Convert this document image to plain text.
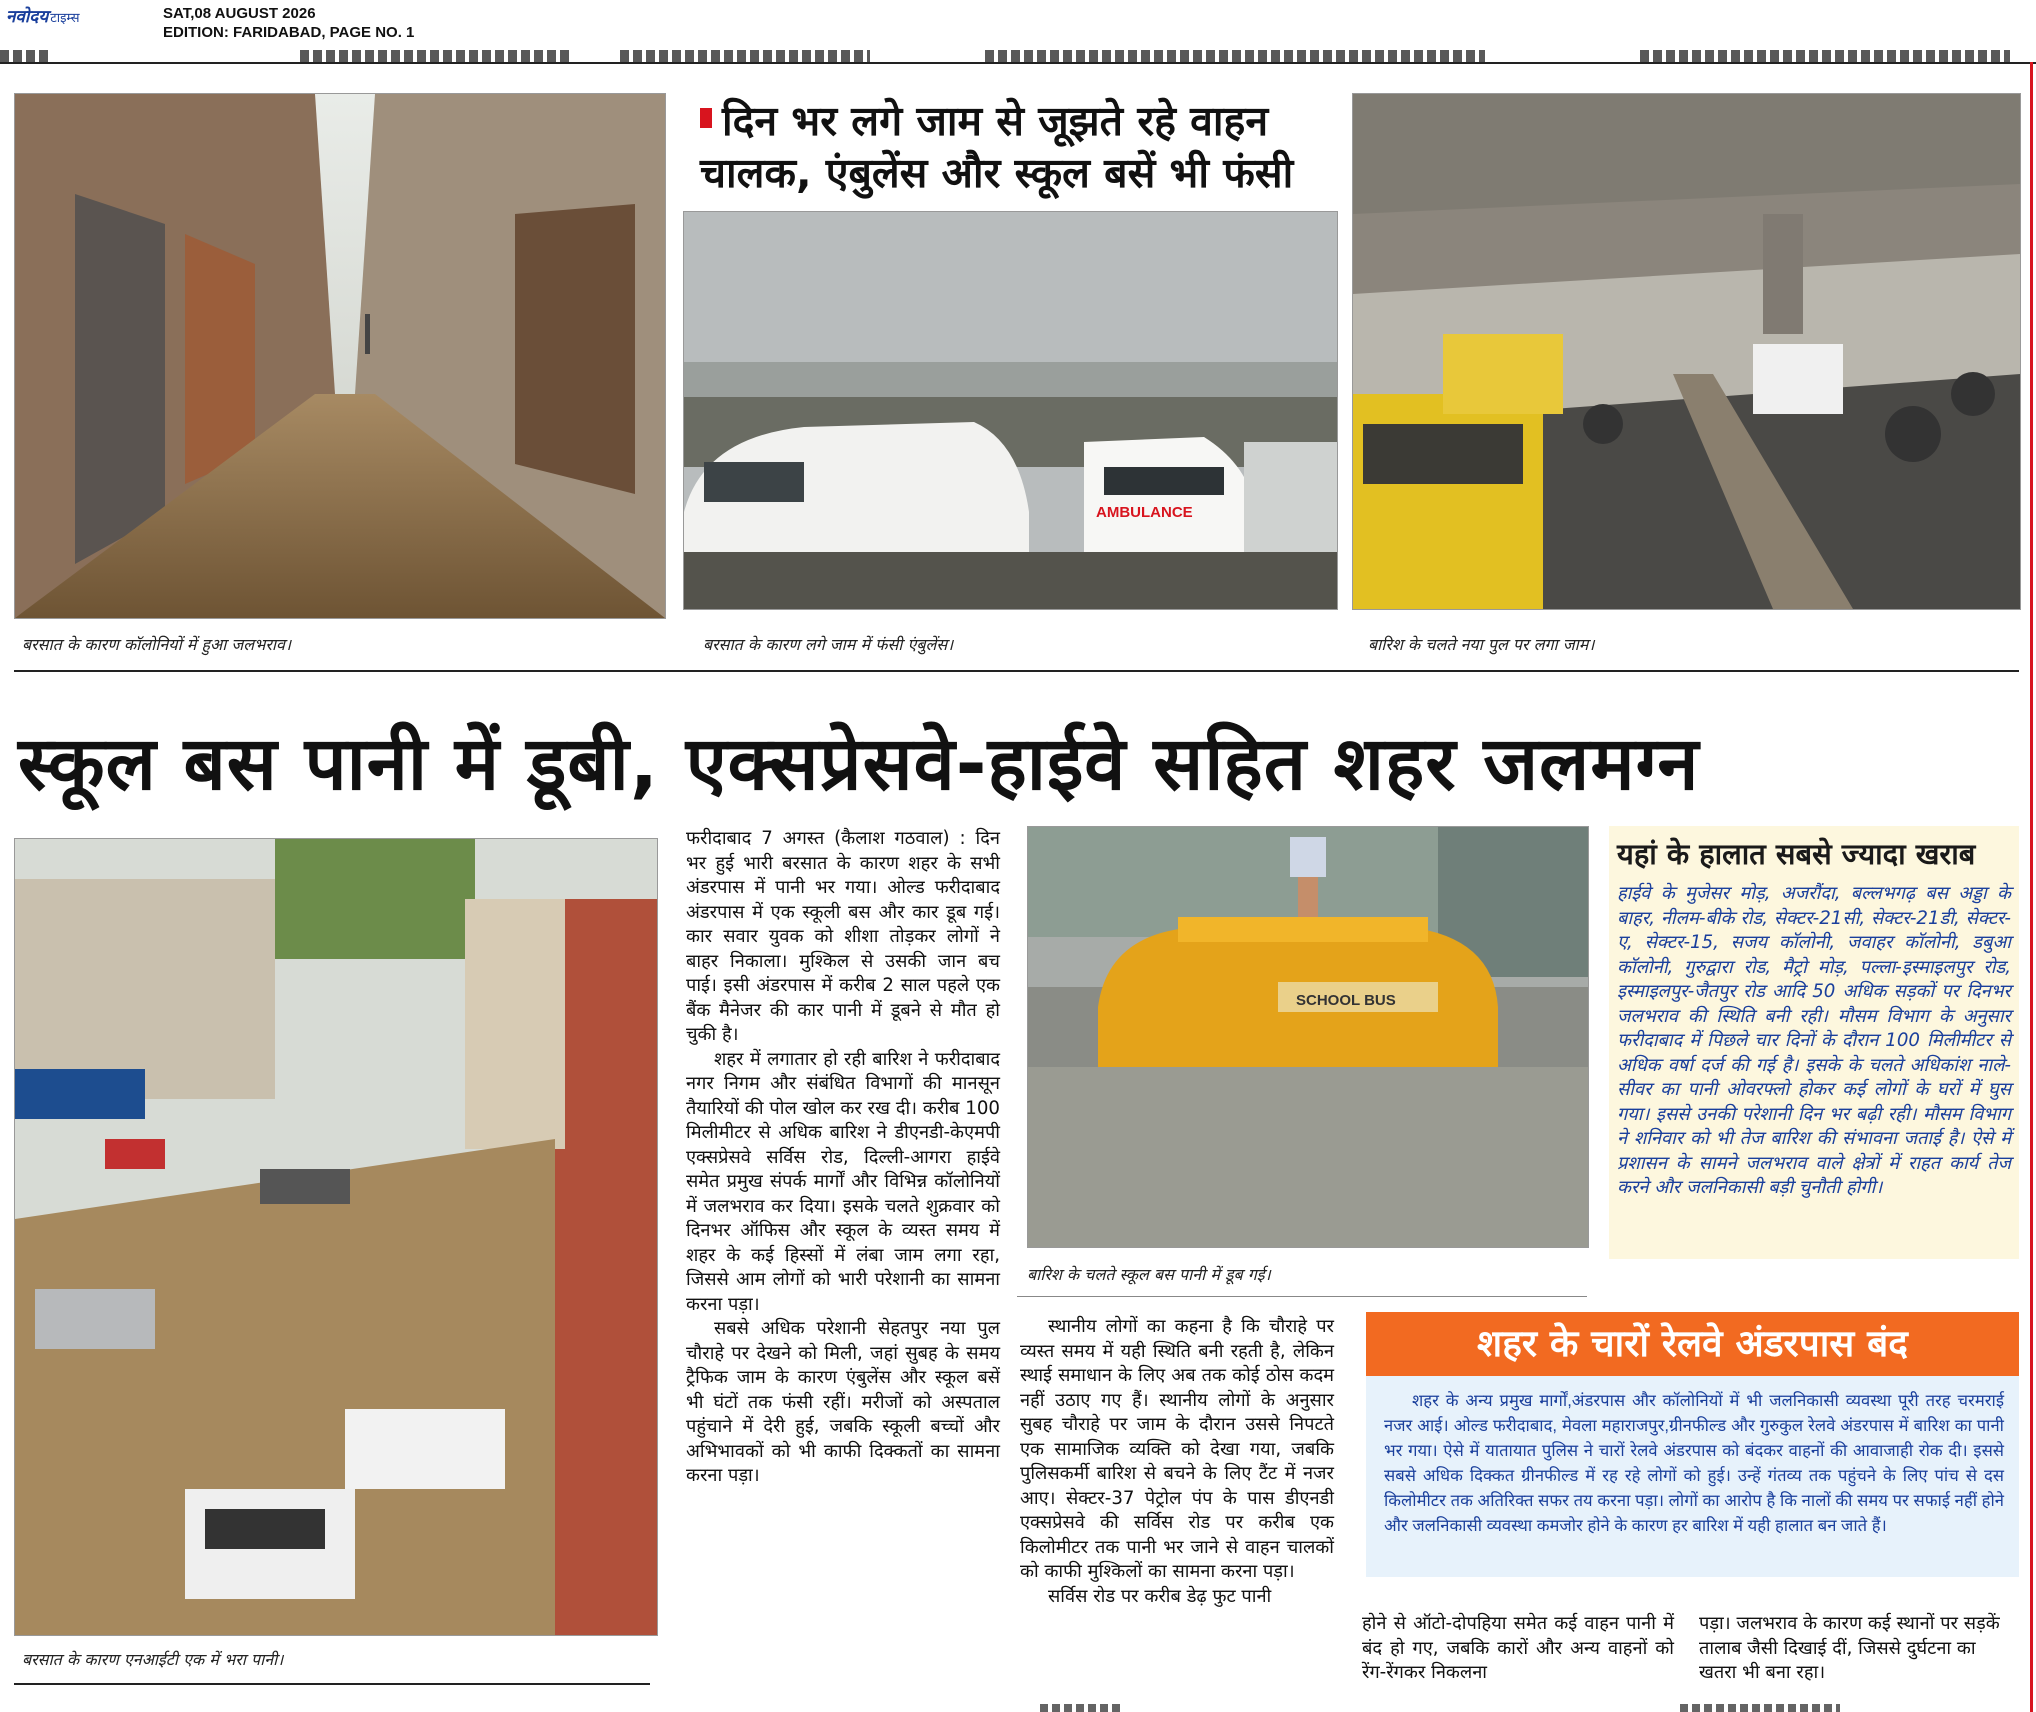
नवोदय टाइम्स	SAT,08 AUGUST 2026
EDITION: FARIDABAD, PAGE NO. 1
बरसात के कारण कॉलोनियों में हुआ जलभराव।
दिन भर लगे जाम से जूझते रहे वाहन चालक, एंबुलेंस और स्कूल बसें भी फंसी
AMBULANCE
बरसात के कारण लगे जाम में फंसी एंबुलेंस।	बारिश के चलते नया पुल पर लगा जाम।
स्कूल बस पानी में डूबी, एक्सप्रेसवे-हाईवे सहित शहर जलमग्न
बरसात के कारण एनआईटी एक में भरा पानी।

फरीदाबाद 7 अगस्त (कैलाश गठवाल) : दिन भर हुई भारी बरसात के कारण शहर के सभी अंडरपास में पानी भर गया। ओल्ड फरीदाबाद अंडरपास में एक स्कूली बस और कार डूब गई। कार सवार युवक को शीशा तोड़कर लोगों ने बाहर निकाला। मुश्किल से उसकी जान बच पाई। इसी अंडरपास में करीब 2 साल पहले एक बैंक मैनेजर की कार पानी में डूबने से मौत हो चुकी है।

शहर में लगातार हो रही बारिश ने फरीदाबाद नगर निगम और संबंधित विभागों की मानसून तैयारियों की पोल खोल कर रख दी। करीब 100 मिलीमीटर से अधिक बारिश ने डीएनडी-केएमपी एक्सप्रेसवे सर्विस रोड, दिल्ली-आगरा हाईवे समेत प्रमुख संपर्क मार्गों और विभिन्न कॉलोनियों में जलभराव कर दिया। इसके चलते शुक्रवार को दिनभर ऑफिस और स्कूल के व्यस्त समय में शहर के कई हिस्सों में लंबा जाम लगा रहा, जिससे आम लोगों को भारी परेशानी का सामना करना पड़ा।

सबसे अधिक परेशानी सेहतपुर नया पुल चौराहे पर देखने को मिली, जहां सुबह के समय ट्रैफिक जाम के कारण एंबुलेंस और स्कूल बसें भी घंटों तक फंसी रहीं। मरीजों को अस्पताल पहुंचाने में देरी हुई, जबकि स्कूली बच्चों और अभिभावकों को भी काफी दिक्कतों का सामना करना पड़ा।

SCHOOL BUS
बारिश के चलते स्कूल बस पानी में डूब गई।

स्थानीय लोगों का कहना है कि चौराहे पर व्यस्त समय में यही स्थिति बनी रहती है, लेकिन स्थाई समाधान के लिए अब तक कोई ठोस कदम नहीं उठाए गए हैं। स्थानीय लोगों के अनुसार सुबह चौराहे पर जाम के दौरान उससे निपटते एक सामाजिक व्यक्ति को देखा गया, जबकि पुलिसकर्मी बारिश से बचने के लिए टैंट में नजर आए। सेक्टर-37 पेट्रोल पंप के पास डीएनडी एक्सप्रेसवे की सर्विस रोड पर करीब एक किलोमीटर तक पानी भर जाने से वाहन चालकों को काफी मुश्किलों का सामना करना पड़ा।

सर्विस रोड पर करीब डेढ़ फुट पानी

यहां के हालात सबसे ज्यादा खराब
हाईवे के मुजेसर मोड़, अजरौंदा, बल्लभगढ़ बस अड्डा के बाहर, नीलम-बीके रोड, सेक्टर-21सी, सेक्टर-21डी, सेक्टर-ए, सेक्टर-15, सजय कॉलोनी, जवाहर कॉलोनी, डबुआ कॉलोनी, गुरुद्वारा रोड, मैट्रो मोड़, पल्ला-इस्माइलपुर रोड, इस्माइलपुर-जैतपुर रोड आदि 50 अधिक सड़कों पर दिनभर जलभराव की स्थिति बनी रही। मौसम विभाग के अनुसार फरीदाबाद में पिछले चार दिनों के दौरान 100 मिलीमीटर से अधिक वर्षा दर्ज की गई है। इसके के चलते अधिकांश नाले-सीवर का पानी ओवरफ्लो होकर कई लोगों के घरों में घुस गया। इससे उनकी परेशानी दिन भर बढ़ी रही। मौसम विभाग ने शनिवार को भी तेज बारिश की संभावना जताई है। ऐसे में प्रशासन के सामने जलभराव वाले क्षेत्रों में राहत कार्य तेज करने और जलनिकासी बड़ी चुनौती होगी।
शहर के चारों रेलवे अंडरपास बंद

शहर के अन्य प्रमुख मार्गों,अंडरपास और कॉलोनियों में भी जलनिकासी व्यवस्था पूरी तरह चरमराई नजर आई। ओल्ड फरीदाबाद, मेवला महाराजपुर,ग्रीनफील्ड और गुरुकुल रेलवे अंडरपास में बारिश का पानी भर गया। ऐसे में यातायात पुलिस ने चारों रेलवे अंडरपास को बंदकर वाहनों की आवाजाही रोक दी। इससे सबसे अधिक दिक्कत ग्रीनफील्ड में रह रहे लोगों को हुई। उन्हें गंतव्य तक पहुंचने के लिए पांच से दस किलोमीटर तक अतिरिक्त सफर तय करना पड़ा। लोगों का आरोप है कि नालों की समय पर सफाई नहीं होने और जलनिकासी व्यवस्था कमजोर होने के कारण हर बारिश में यही हालात बन जाते हैं।

होने से ऑटो-दोपहिया समेत कई वाहन पानी में बंद हो गए, जबकि कारों और अन्य वाहनों को रेंग-रेंगकर निकलना

पड़ा। जलभराव के कारण कई स्थानों पर सड़कें तालाब जैसी दिखाई दीं, जिससे दुर्घटना का खतरा भी बना रहा।
